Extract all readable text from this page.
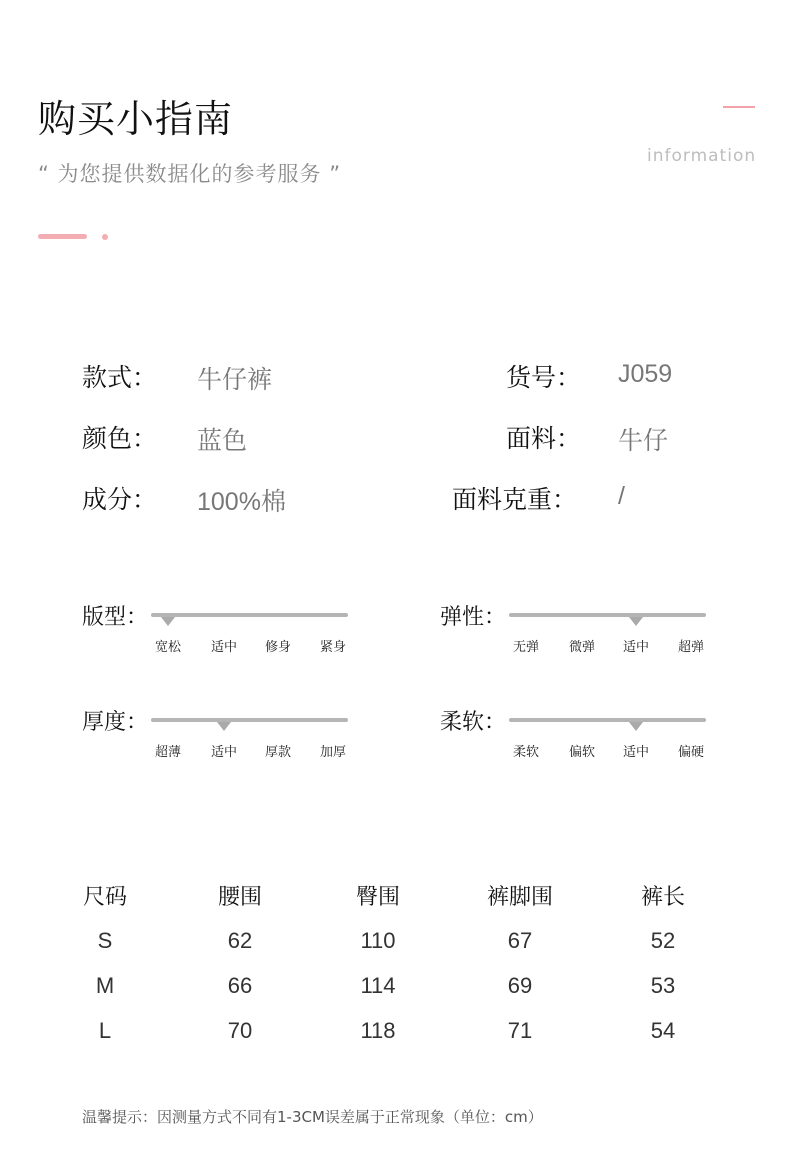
购买小指南
“ 为您提供数据化的参考服务 ”
information
款式： 牛仔裤	货号： J059
颜色： 蓝色	面料： 牛仔
成分： 100%棉	面料克重： /
版型：
宽松	适中	修身	紧身
弹性：
无弹	微弹	适中	超弹
厚度：
超薄	适中	厚款	加厚
柔软：
柔软	偏软	适中	偏硬
尺码	腰围	臀围	裤脚围	裤长
S	62	110	67	52
M	66	114	69	53
L	70	118	71	54
温馨提示：因测量方式不同有1-3CM误差属于正常现象（单位：cm）
